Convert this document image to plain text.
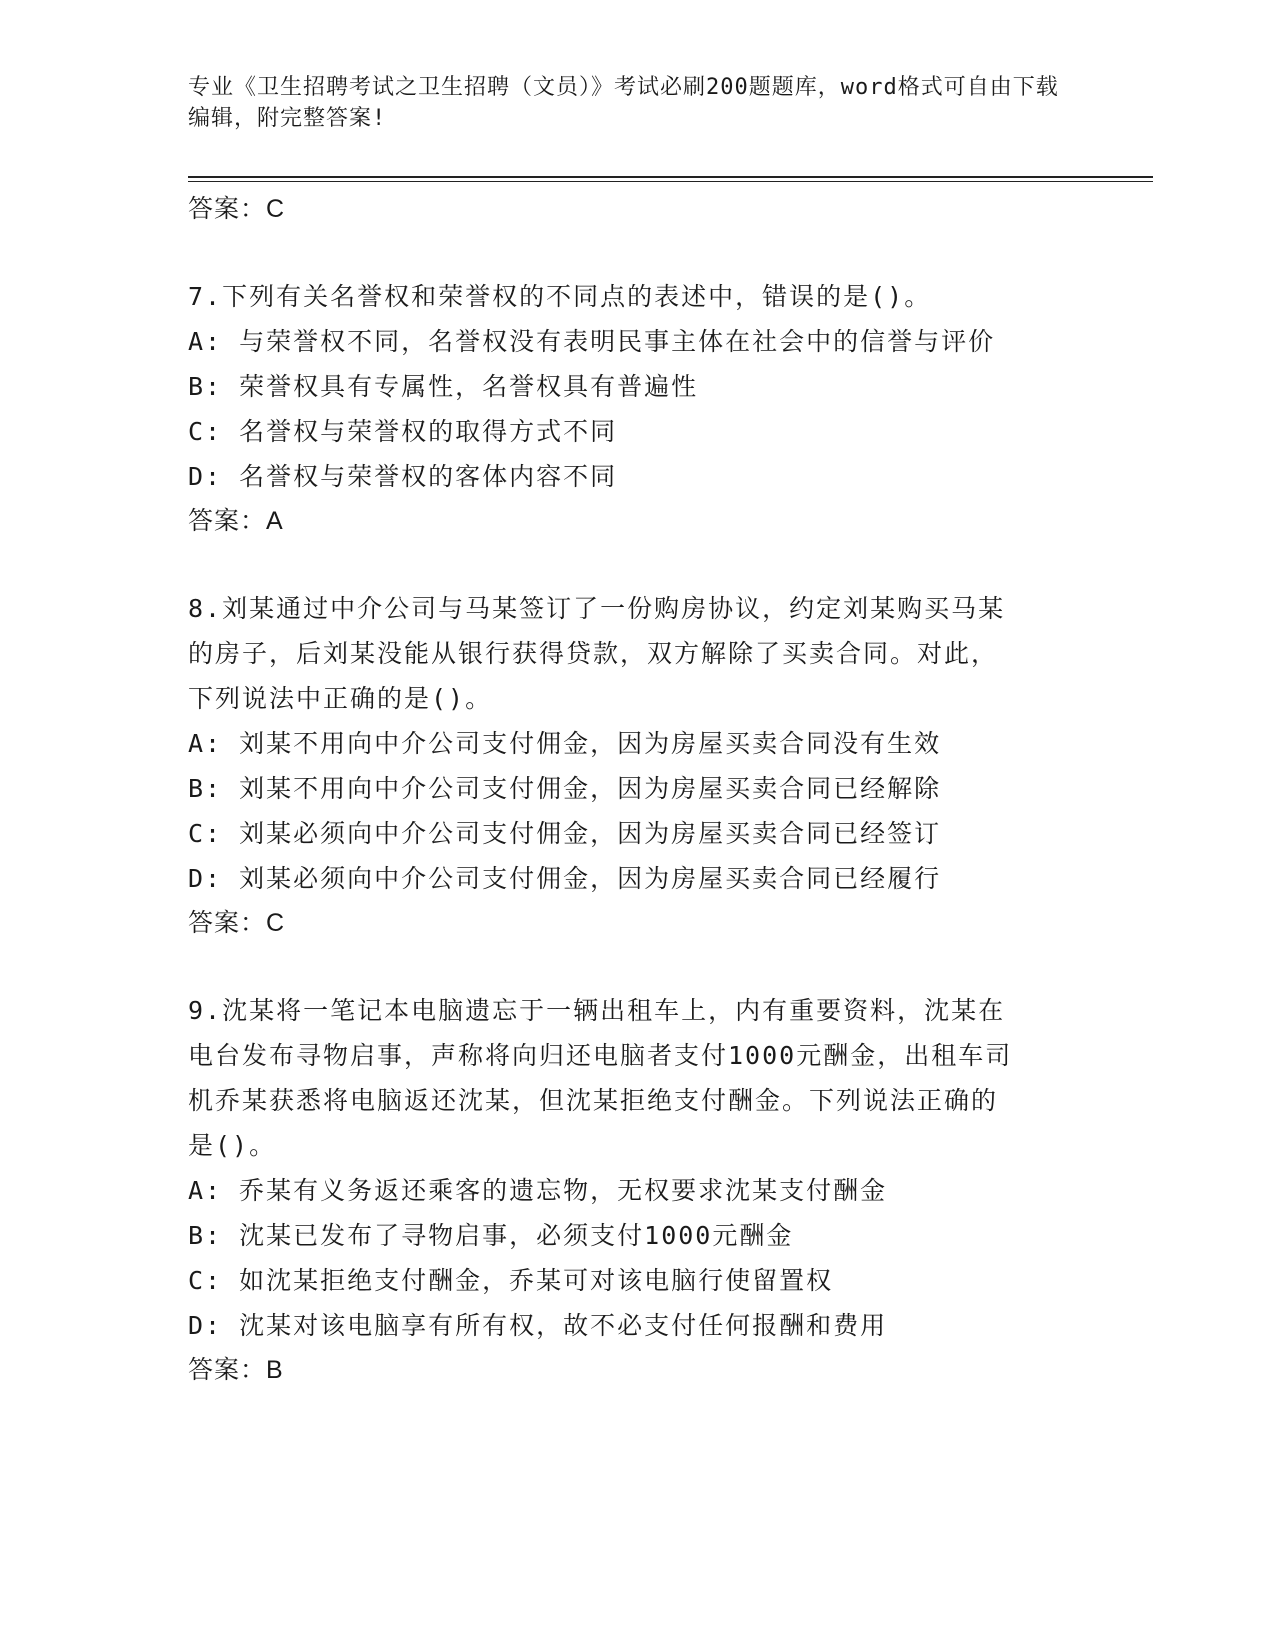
专业《卫生招聘考试之卫生招聘（文员）》考试必刷200题题库，word格式可自由下载编辑，附完整答案!
答案：C
7.下列有关名誉权和荣誉权的不同点的表述中，错误的是()。
A: 与荣誉权不同，名誉权没有表明民事主体在社会中的信誉与评价
B: 荣誉权具有专属性，名誉权具有普遍性
C: 名誉权与荣誉权的取得方式不同
D: 名誉权与荣誉权的客体内容不同
答案：A
8.刘某通过中介公司与马某签订了一份购房协议，约定刘某购买马某
的房子，后刘某没能从银行获得贷款，双方解除了买卖合同。对此，
下列说法中正确的是()。
A: 刘某不用向中介公司支付佣金，因为房屋买卖合同没有生效
B: 刘某不用向中介公司支付佣金，因为房屋买卖合同已经解除
C: 刘某必须向中介公司支付佣金，因为房屋买卖合同已经签订
D: 刘某必须向中介公司支付佣金，因为房屋买卖合同已经履行
答案：C
9.沈某将一笔记本电脑遗忘于一辆出租车上，内有重要资料，沈某在
电台发布寻物启事，声称将向归还电脑者支付1000元酬金，出租车司
机乔某获悉将电脑返还沈某，但沈某拒绝支付酬金。下列说法正确的
是()。
A: 乔某有义务返还乘客的遗忘物，无权要求沈某支付酬金
B: 沈某已发布了寻物启事，必须支付1000元酬金
C: 如沈某拒绝支付酬金，乔某可对该电脑行使留置权
D: 沈某对该电脑享有所有权，故不必支付任何报酬和费用
答案：B
